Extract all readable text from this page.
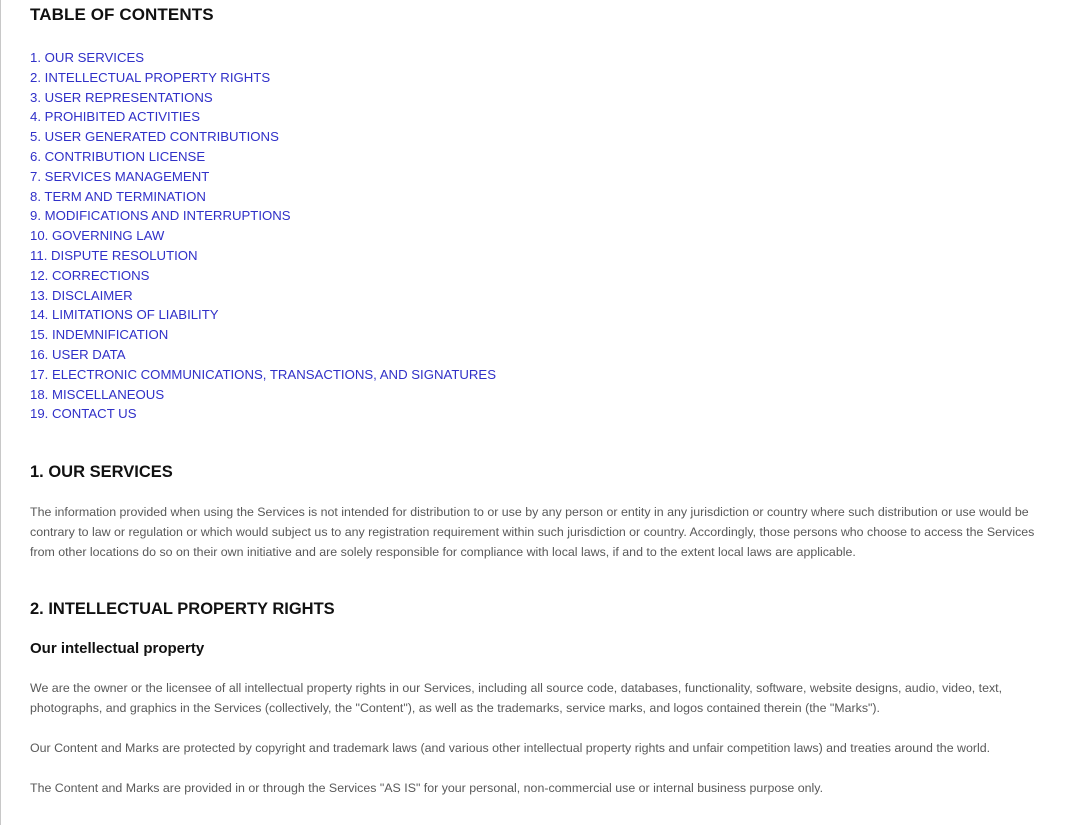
TABLE OF CONTENTS
1. OUR SERVICES
2. INTELLECTUAL PROPERTY RIGHTS
3. USER REPRESENTATIONS
4. PROHIBITED ACTIVITIES
5. USER GENERATED CONTRIBUTIONS
6. CONTRIBUTION LICENSE
7. SERVICES MANAGEMENT
8. TERM AND TERMINATION
9. MODIFICATIONS AND INTERRUPTIONS
10. GOVERNING LAW
11. DISPUTE RESOLUTION
12. CORRECTIONS
13. DISCLAIMER
14. LIMITATIONS OF LIABILITY
15. INDEMNIFICATION
16. USER DATA
17. ELECTRONIC COMMUNICATIONS, TRANSACTIONS, AND SIGNATURES
18. MISCELLANEOUS
19. CONTACT US
1. OUR SERVICES

The information provided when using the Services is not intended for distribution to or use by any person or entity in any jurisdiction or country where such distribution or use would be contrary to law or regulation or which would subject us to any registration requirement within such jurisdiction or country. Accordingly, those persons who choose to access the Services from other locations do so on their own initiative and are solely responsible for compliance with local laws, if and to the extent local laws are applicable.

2. INTELLECTUAL PROPERTY RIGHTS
Our intellectual property

We are the owner or the licensee of all intellectual property rights in our Services, including all source code, databases, functionality, software, website designs, audio, video, text, photographs, and graphics in the Services (collectively, the "Content"), as well as the trademarks, service marks, and logos contained therein (the "Marks").

Our Content and Marks are protected by copyright and trademark laws (and various other intellectual property rights and unfair competition laws) and treaties around the world.

The Content and Marks are provided in or through the Services "AS IS" for your personal, non-commercial use or internal business purpose only.
